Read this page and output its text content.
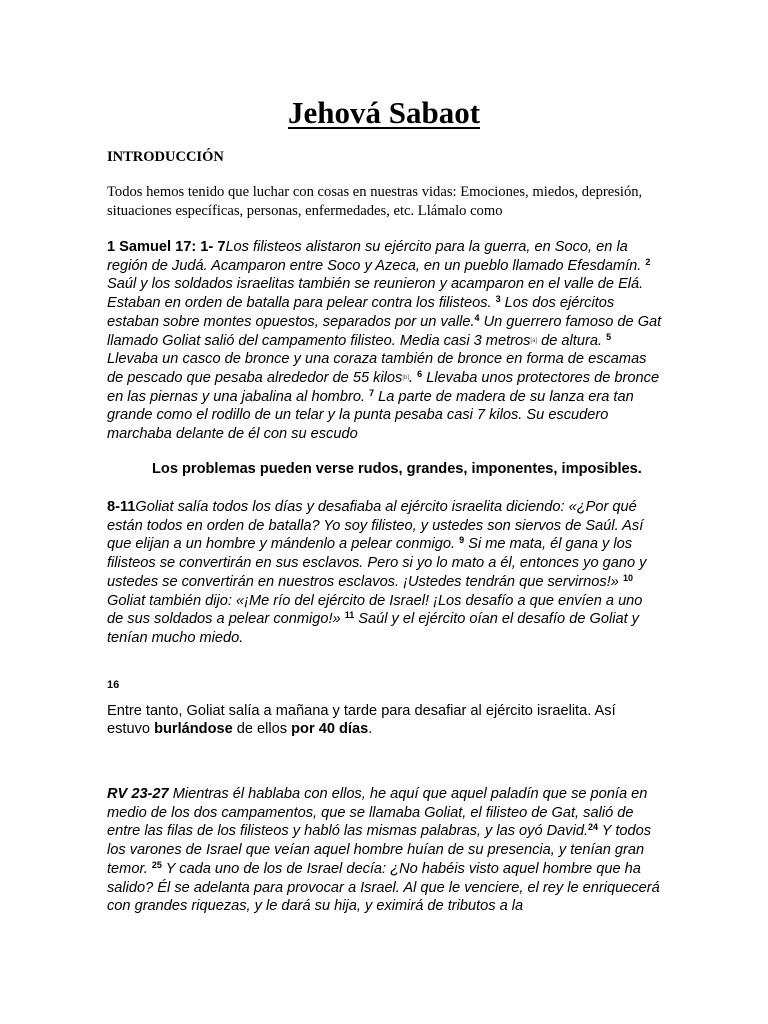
Jehová Sabaot
INTRODUCCIÓN
Todos hemos tenido que luchar con cosas en nuestras vidas: Emociones, miedos, depresión, situaciones específicas, personas, enfermedades, etc. Llámalo como
1 Samuel 17: 1- 7Los filisteos alistaron su ejército para la guerra, en Soco, en la región de Judá. Acamparon entre Soco y Azeca, en un pueblo llamado Efesdamín. $^2$ Saúl y los soldados israelitas también se reunieron y acamparon en el valle de Elá. Estaban en orden de batalla para pelear contra los filisteos. $^3$ Los dos ejércitos estaban sobre montes opuestos, separados por un valle.$^4$ Un guerrero famoso de Gat llamado Goliat salió del campamento filisteo. Media casi 3 metros[a] de altura. $^5$ Llevaba un casco de bronce y una coraza también de bronce en forma de escamas de pescado que pesaba alrededor de 55 kilos[b]. $^6$ Llevaba unos protectores de bronce en las piernas y una jabalina al hombro. $^7$ La parte de madera de su lanza era tan grande como el rodillo de un telar y la punta pesaba casi 7 kilos. Su escudero marchaba delante de él con su escudo
Los problemas pueden verse rudos, grandes, imponentes, imposibles.
8-11Goliat salía todos los días y desafiaba al ejército israelita diciendo: «¿Por qué están todos en orden de batalla? Yo soy filisteo, y ustedes son siervos de Saúl. Así que elijan a un hombre y mándenlo a pelear conmigo. $^9$ Si me mata, él gana y los filisteos se convertirán en sus esclavos. Pero si yo lo mato a él, entonces yo gano y ustedes se convertirán en nuestros esclavos. ¡Ustedes tendrán que servirnos!» $^{10}$ Goliat también dijo: «¡Me río del ejército de Israel! ¡Los desafío a que envíen a uno de sus soldados a pelear conmigo!» $^{11}$ Saúl y el ejército oían el desafío de Goliat y tenían mucho miedo.
$^{16}$
Entre tanto, Goliat salía a mañana y tarde para desafiar al ejército israelita. Así estuvo burlándose de ellos por 40 días.
RV 23-27 Mientras él hablaba con ellos, he aquí que aquel paladín que se ponía en medio de los dos campamentos, que se llamaba Goliat, el filisteo de Gat, salió de entre las filas de los filisteos y habló las mismas palabras, y las oyó David.$^{24}$ Y todos los varones de Israel que veían aquel hombre huían de su presencia, y tenían gran temor. $^{25}$ Y cada uno de los de Israel decía: ¿No habéis visto aquel hombre que ha salido? Él se adelanta para provocar a Israel. Al que le venciere, el rey le enriquecerá con grandes riquezas, y le dará su hija, y eximirá de tributos a la
